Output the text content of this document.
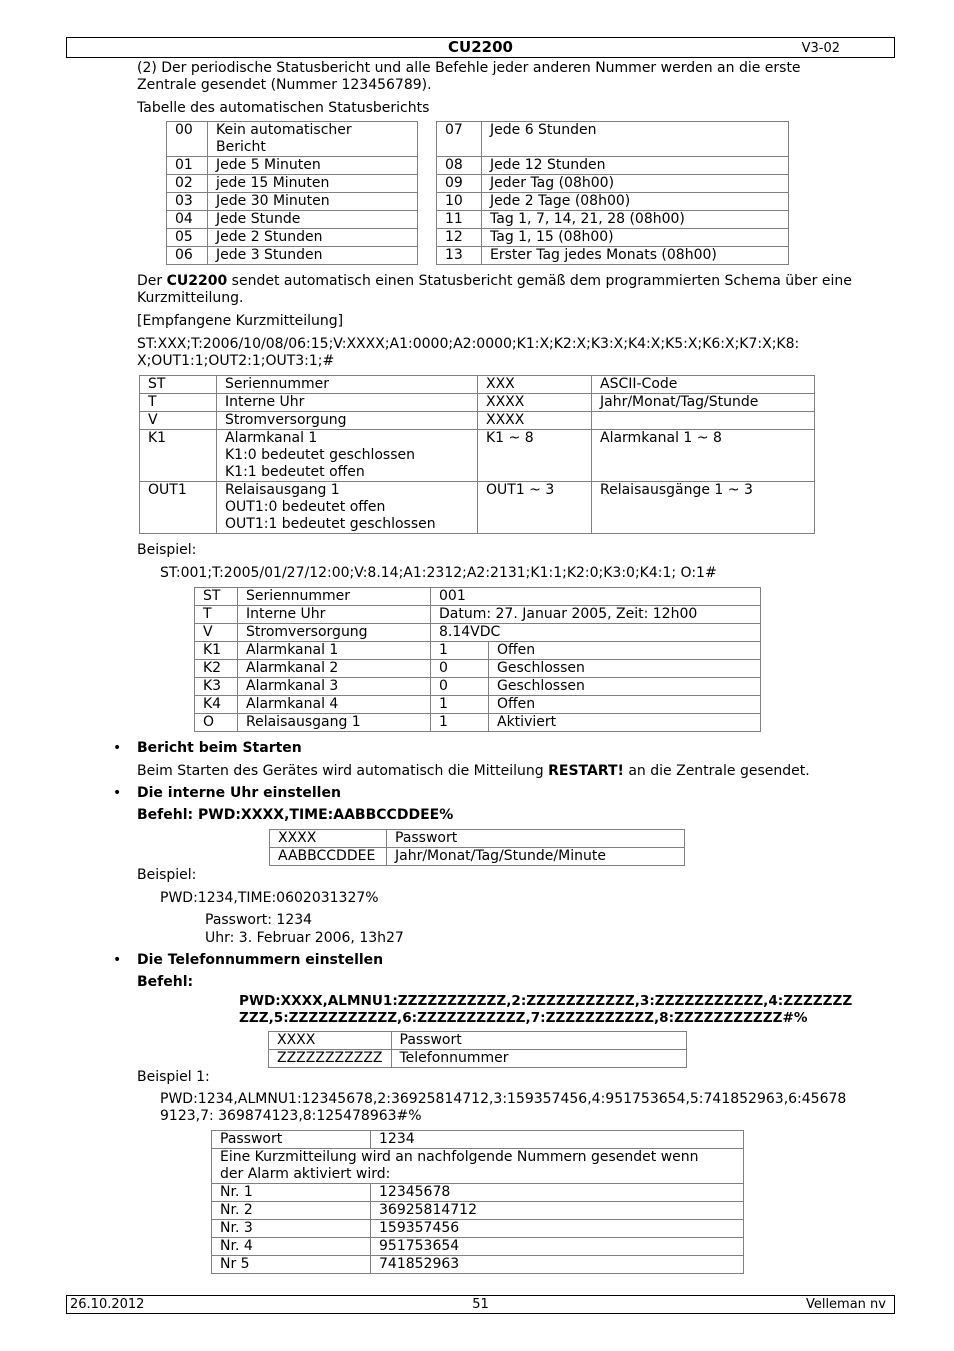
CU2200	V3-02
(2) Der periodische Statusbericht und alle Befehle jeder anderen Nummer werden an die erste
Zentrale gesendet (Nummer 123456789).
Tabelle des automatischen Statusberichts
00	Kein automatischer
Bericht
01	Jede 5 Minuten
02	jede 15 Minuten
03	Jede 30 Minuten
04	Jede Stunde
05	Jede 2 Stunden
06	Jede 3 Stunden
07	Jede 6 Stunden
08	Jede 12 Stunden
09	Jeder Tag (08h00)
10	Jede 2 Tage (08h00)
11	Tag 1, 7, 14, 21, 28 (08h00)
12	Tag 1, 15 (08h00)
13	Erster Tag jedes Monats (08h00)
Der CU2200 sendet automatisch einen Statusbericht gemäß dem programmierten Schema über eine
Kurzmitteilung.
[Empfangene Kurzmitteilung]
ST:XXX;T:2006/10/08/06:15;V:XXXX;A1:0000;A2:0000;K1:X;K2:X;K3:X;K4:X;K5:X;K6:X;K7:X;K8:
X;OUT1:1;OUT2:1;OUT3:1;#
ST	Seriennummer	XXX	ASCII-Code
T	Interne Uhr	XXXX	Jahr/Monat/Tag/Stunde
V	Stromversorgung	XXXX	
K1	Alarmkanal 1
K1:0 bedeutet geschlossen
K1:1 bedeutet offen	K1 ~ 8	Alarmkanal 1 ~ 8
OUT1	Relaisausgang 1
OUT1:0 bedeutet offen
OUT1:1 bedeutet geschlossen	OUT1 ~ 3	Relaisausgänge 1 ~ 3
Beispiel:
ST:001;T:2005/01/27/12:00;V:8.14;A1:2312;A2:2131;K1:1;K2:0;K3:0;K4:1; O:1#
ST	Seriennummer	001	
T	Interne Uhr	Datum: 27. Januar 2005, Zeit: 12h00	
V	Stromversorgung	8.14VDC	
K1	Alarmkanal 1	1	Offen
K2	Alarmkanal 2	0	Geschlossen
K3	Alarmkanal 3	0	Geschlossen
K4	Alarmkanal 4	1	Offen
O	Relaisausgang 1	1	Aktiviert
• Bericht beim Starten
Beim Starten des Gerätes wird automatisch die Mitteilung RESTART! an die Zentrale gesendet.
• Die interne Uhr einstellen
Befehl: PWD:XXXX,TIME:AABBCCDDEE%
XXXX	Passwort
AABBCCDDEE	Jahr/Monat/Tag/Stunde/Minute
Beispiel:
PWD:1234,TIME:0602031327%
Passwort: 1234
Uhr: 3. Februar 2006, 13h27
• Die Telefonnummern einstellen
Befehl:
PWD:XXXX,ALMNU1:ZZZZZZZZZZZ,2:ZZZZZZZZZZZ,3:ZZZZZZZZZZZ,4:ZZZZZZZ
ZZZ,5:ZZZZZZZZZZZ,6:ZZZZZZZZZZZ,7:ZZZZZZZZZZZ,8:ZZZZZZZZZZZ#%
XXXX	Passwort
ZZZZZZZZZZZ	Telefonnummer
Beispiel 1:
PWD:1234,ALMNU1:12345678,2:36925814712,3:159357456,4:951753654,5:741852963,6:45678
9123,7: 369874123,8:125478963#%
Passwort	1234
Eine Kurzmitteilung wird an nachfolgende Nummern gesendet wenn
der Alarm aktiviert wird:	
Nr. 1	12345678
Nr. 2	36925814712
Nr. 3	159357456
Nr. 4	951753654
Nr 5	741852963
26.10.2012	51	Velleman nv
